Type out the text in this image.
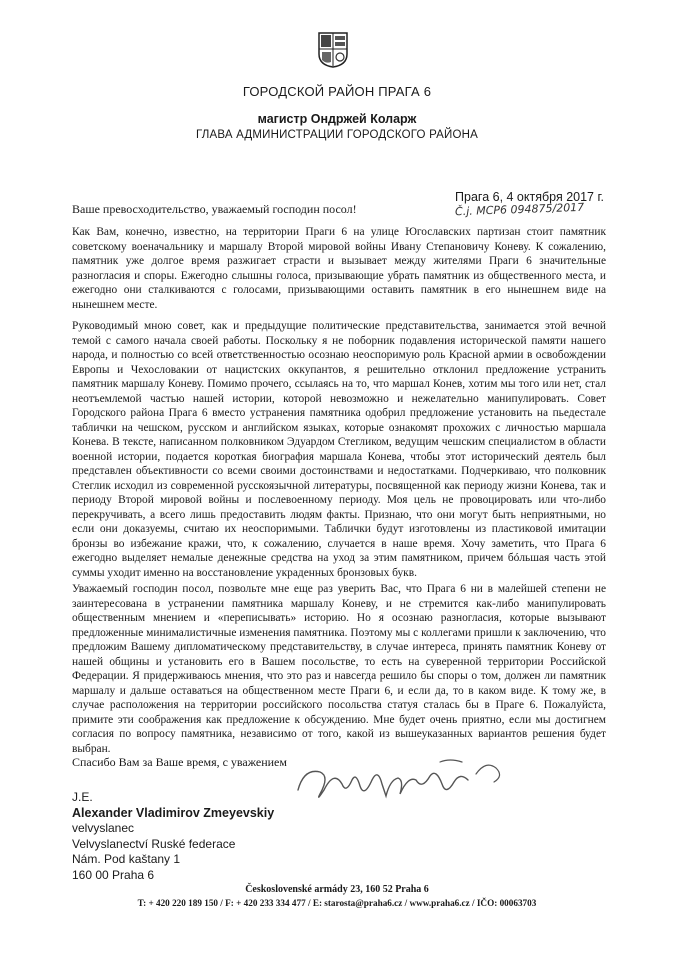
ГОРОДСКОЙ РАЙОН ПРАГА 6
магистр Ондржей Коларж
ГЛАВА АДМИНИСТРАЦИИ ГОРОДСКОГО РАЙОНА
Прага 6, 4 октября 2017 г.
Č.j. MCP6 094875/2017
Ваше превосходительство, уважаемый господин посол!

Как Вам, конечно, известно, на территории Праги 6 на улице Югославских партизан стоит памятник советскому военачальнику и маршалу Второй мировой войны Ивану Степановичу Коневу. К сожалению, памятник уже долгое время разжигает страсти и вызывает между жителями Праги 6 значительные разногласия и споры. Ежегодно слышны голоса, призывающие убрать памятник из общественного места, и ежегодно они сталкиваются с голосами, призывающими оставить памятник в его нынешнем виде на нынешнем месте.

Руководимый мною совет, как и предыдущие политические представительства, занимается этой вечной темой с самого начала своей работы. Поскольку я не поборник подавления исторической памяти нашего народа, и полностью со всей ответственностью осознаю неоспоримую роль Красной армии в освобождении Европы и Чехословакии от нацистских оккупантов, я решительно отклонил предложение устранить памятник маршалу Коневу. Помимо прочего, ссылаясь на то, что маршал Конев, хотим мы того или нет, стал неотъемлемой частью нашей истории, которой невозможно и нежелательно манипулировать. Совет Городского района Прага 6 вместо устранения памятника одобрил предложение установить на пьедестале таблички на чешском, русском и английском языках, которые ознакомят прохожих с личностью маршала Конева. В тексте, написанном полковником Эдуардом Стегликом, ведущим чешским специалистом в области военной истории, подается короткая биография маршала Конева, чтобы этот исторический деятель был представлен объективности со всеми своими достоинствами и недостатками. Подчеркиваю, что полковник Стеглик исходил из современной русскоязычной литературы, посвященной как периоду жизни Конева, так и периоду Второй мировой войны и послевоенному периоду. Моя цель не провоцировать или что-либо перекручивать, а всего лишь предоставить людям факты. Признаю, что они могут быть неприятными, но если они доказуемы, считаю их неоспоримыми. Таблички будут изготовлены из пластиковой имитации бронзы во избежание кражи, что, к сожалению, случается в наше время. Хочу заметить, что Прага 6 ежегодно выделяет немалые денежные средства на уход за этим памятником, причем бóльшая часть этой суммы уходит именно на восстановление украденных бронзовых букв.

Уважаемый господин посол, позвольте мне еще раз уверить Вас, что Прага 6 ни в малейшей степени не заинтересована в устранении памятника маршалу Коневу, и не стремится как-либо манипулировать общественным мнением и «переписывать» историю. Но я осознаю разногласия, которые вызывают предложенные минималистичные изменения памятника. Поэтому мы с коллегами пришли к заключению, что предложим Вашему дипломатическому представительству, в случае интереса, принять памятник Коневу от нашей общины и установить его в Вашем посольстве, то есть на суверенной территории Российской Федерации. Я придерживаюсь мнения, что это раз и навсегда решило бы споры о том, должен ли памятник маршалу и дальше оставаться на общественном месте Праги 6, и если да, то в каком виде. К тому же, в случае расположения на территории российского посольства статуя сталась бы в Праге 6. Пожалуйста, примите эти соображения как предложение к обсуждению. Мне будет очень приятно, если мы достигнем согласия по вопросу памятника, независимо от того, какой из вышеуказанных вариантов решения будет выбран.

Спасибо Вам за Ваше время, с уважением
J.E.
Alexander Vladimirov Zmeyevskiy
velvyslanec
Velvyslanectví Ruské federace
Nám. Pod kaštany 1
160 00 Praha 6
Československé armády 23, 160 52 Praha 6
T: + 420 220 189 150 / F: + 420 233 334 477 / E: starosta@praha6.cz / www.praha6.cz / IČO: 00063703
